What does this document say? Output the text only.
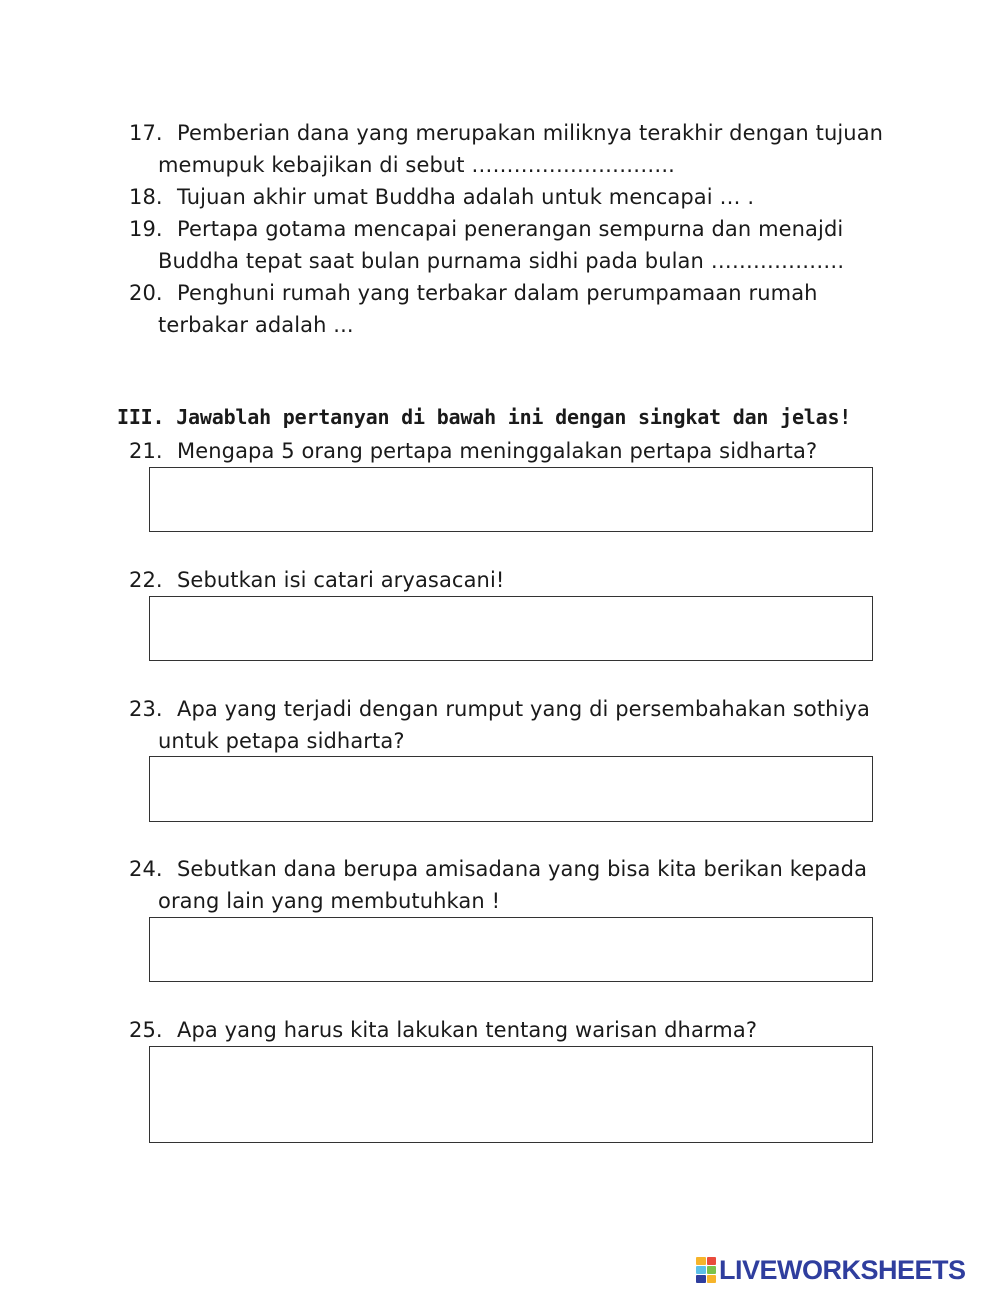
17. Pemberian dana yang merupakan miliknya terakhir dengan tujuan
memupuk kebajikan di sebut ………………………..
18. Tujuan akhir umat Buddha adalah untuk mencapai … .
19. Pertapa gotama mencapai penerangan sempurna dan menajdi
Buddha tepat saat bulan purnama sidhi pada bulan ……………….
20. Penghuni rumah yang terbakar dalam perumpamaan rumah
terbakar adalah ...
III. Jawablah pertanyan di bawah ini dengan singkat dan jelas!
21. Mengapa 5 orang pertapa meninggalakan pertapa sidharta?
22. Sebutkan isi catari aryasacani!
23. Apa yang terjadi dengan rumput yang di persembahakan sothiya
untuk petapa sidharta?
24. Sebutkan dana berupa amisadana yang bisa kita berikan kepada
orang lain yang membutuhkan !
25. Apa yang harus kita lakukan tentang warisan dharma?
LIVEWORKSHEETS
